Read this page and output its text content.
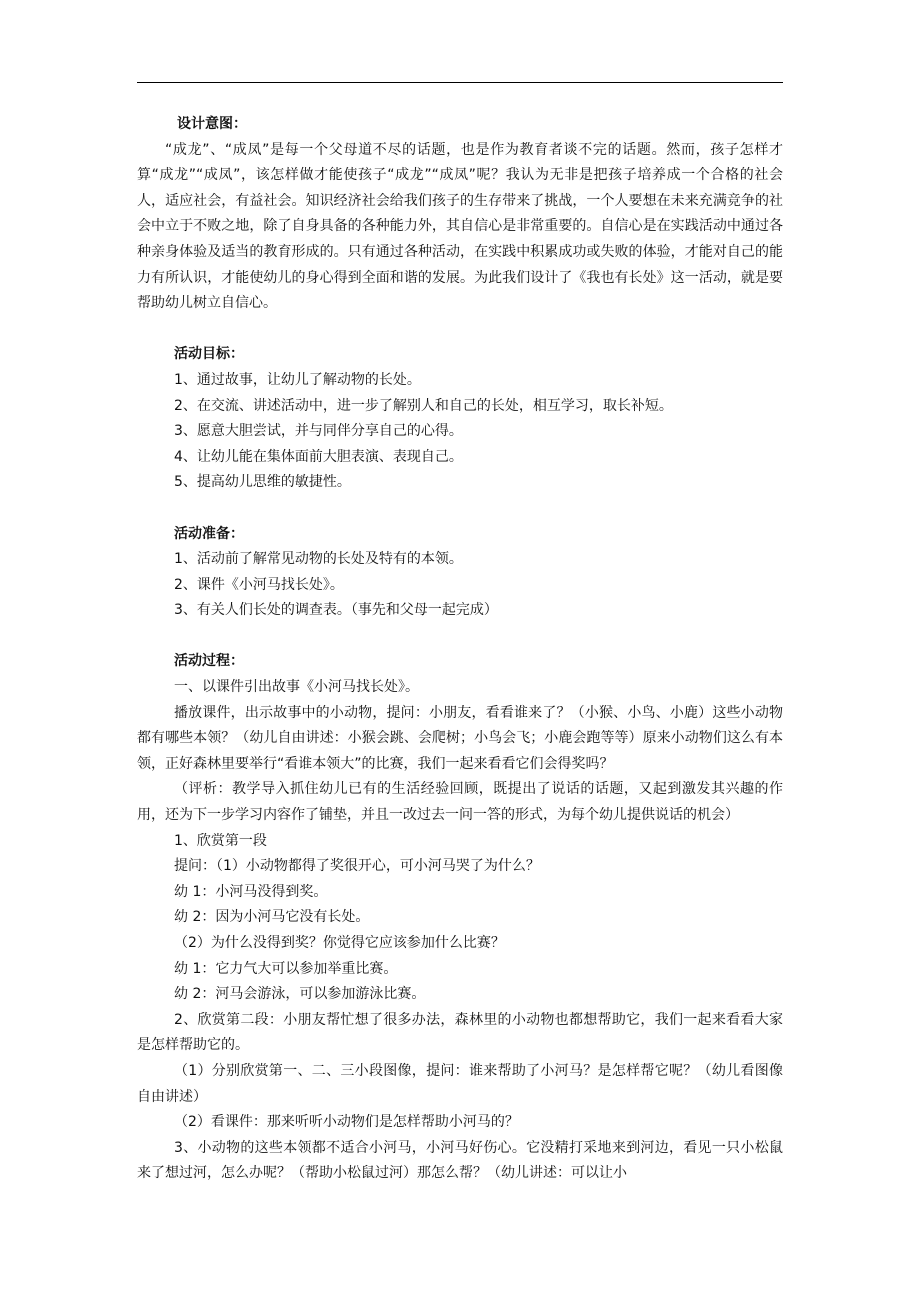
设计意图：

“成龙”、“成凤”是每一个父母道不尽的话题，也是作为教育者谈不完的话题。然而，孩子怎样才算“成龙”“成凤”，该怎样做才能使孩子“成龙”“成凤”呢？我认为无非是把孩子培养成一个合格的社会人，适应社会，有益社会。知识经济社会给我们孩子的生存带来了挑战，一个人要想在未来充满竞争的社会中立于不败之地，除了自身具备的各种能力外，其自信心是非常重要的。自信心是在实践活动中通过各种亲身体验及适当的教育形成的。只有通过各种活动，在实践中积累成功或失败的体验，才能对自己的能力有所认识，才能使幼儿的身心得到全面和谐的发展。为此我们设计了《我也有长处》这一活动，就是要帮助幼儿树立自信心。

活动目标：

1、通过故事，让幼儿了解动物的长处。

2、在交流、讲述活动中，进一步了解别人和自己的长处，相互学习，取长补短。

3、愿意大胆尝试，并与同伴分享自己的心得。

4、让幼儿能在集体面前大胆表演、表现自己。

5、提高幼儿思维的敏捷性。

活动准备：

1、活动前了解常见动物的长处及特有的本领。

2、课件《小河马找长处》。

3、有关人们长处的调查表。（事先和父母一起完成）

活动过程：

一、以课件引出故事《小河马找长处》。

播放课件，出示故事中的小动物，提问：小朋友，看看谁来了？（小猴、小鸟、小鹿）这些小动物都有哪些本领？（幼儿自由讲述：小猴会跳、会爬树；小鸟会飞；小鹿会跑等等）原来小动物们这么有本领，正好森林里要举行“看谁本领大”的比赛，我们一起来看看它们会得奖吗？

（评析：教学导入抓住幼儿已有的生活经验回顾，既提出了说话的话题，又起到激发其兴趣的作用，还为下一步学习内容作了铺垫，并且一改过去一问一答的形式，为每个幼儿提供说话的机会）

1、欣赏第一段

提问：（1）小动物都得了奖很开心，可小河马哭了为什么？

幼 1：小河马没得到奖。

幼 2：因为小河马它没有长处。

（2）为什么没得到奖？你觉得它应该参加什么比赛？

幼 1：它力气大可以参加举重比赛。

幼 2：河马会游泳，可以参加游泳比赛。

2、欣赏第二段：小朋友帮忙想了很多办法，森林里的小动物也都想帮助它，我们一起来看看大家是怎样帮助它的。

（1）分别欣赏第一、二、三小段图像，提问：谁来帮助了小河马？是怎样帮它呢？（幼儿看图像自由讲述）

（2）看课件：那来听听小动物们是怎样帮助小河马的？

3、小动物的这些本领都不适合小河马，小河马好伤心。它没精打采地来到河边，看见一只小松鼠来了想过河，怎么办呢？（帮助小松鼠过河）那怎么帮？（幼儿讲述：可以让小
